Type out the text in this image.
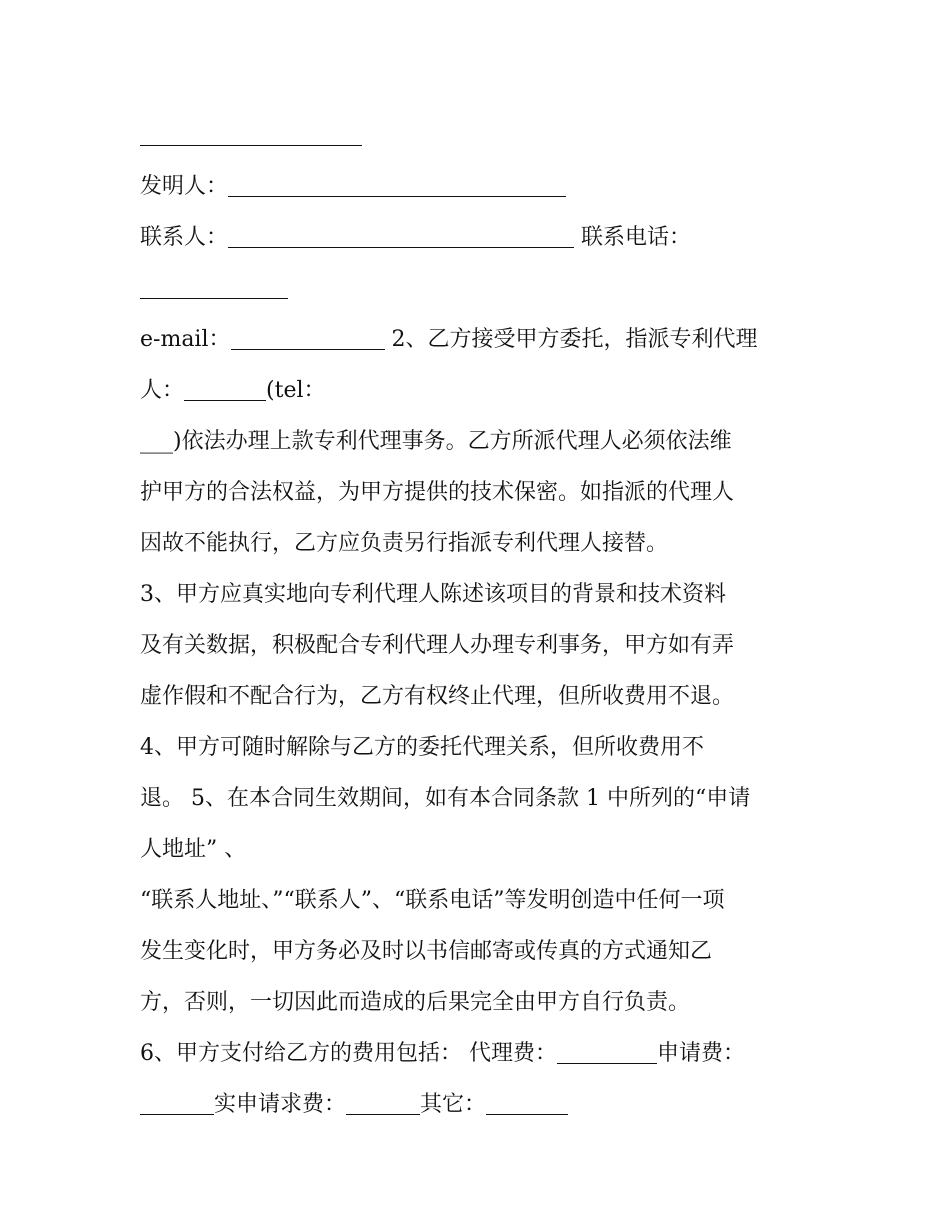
发明人：
联系人：	联系电话：
e-mail：	2、乙方接受甲方委托，指派专利代理
人：	(tel：
___)依法办理上款专利代理事务。乙方所派代理人必须依法维
护甲方的合法权益，为甲方提供的技术保密。如指派的代理人
因故不能执行，乙方应负责另行指派专利代理人接替。
3、甲方应真实地向专利代理人陈述该项目的背景和技术资料
及有关数据，积极配合专利代理人办理专利事务，甲方如有弄
虚作假和不配合行为，乙方有权终止代理，但所收费用不退。
4、甲方可随时解除与乙方的委托代理关系，但所收费用不
退。 5、在本合同生效期间，如有本合同条款 1 中所列的“申请
人地址” 、
“联系人地址、”“联系人”、“联系电话”等发明创造中任何一项
发生变化时，甲方务必及时以书信邮寄或传真的方式通知乙
方，否则，一切因此而造成的后果完全由甲方自行负责。
6、甲方支付给乙方的费用包括： 代理费：	申请费：
实申请求费：	其它：
